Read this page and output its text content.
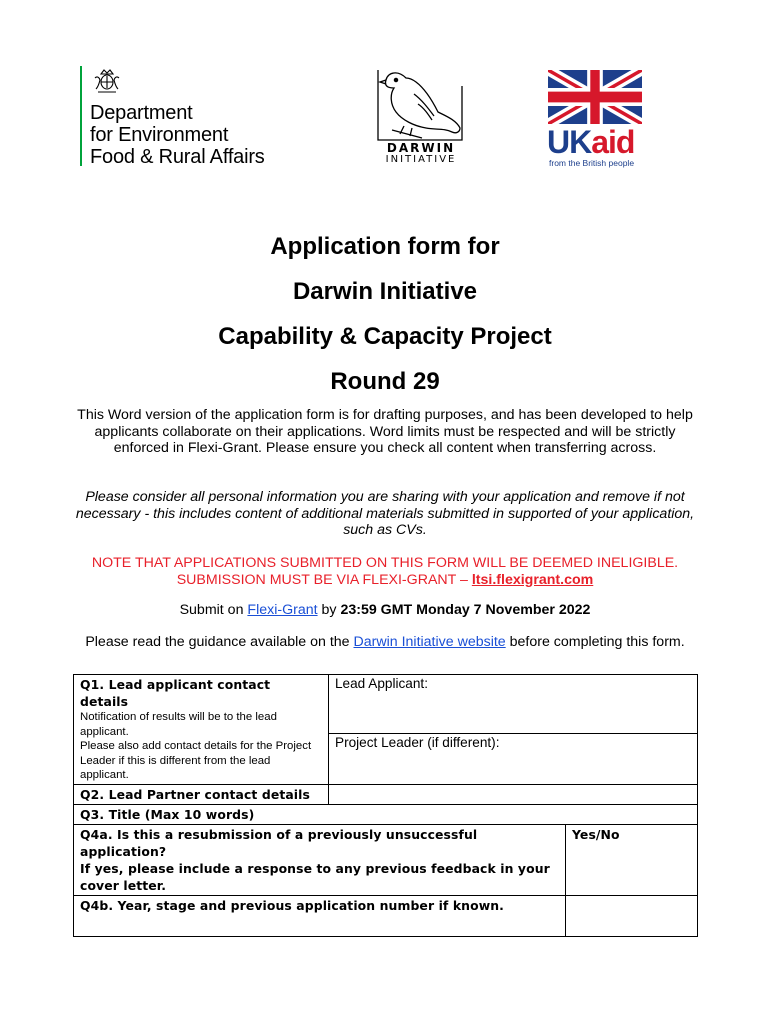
Department
for Environment
Food & Rural Affairs	DARWIN
INITIATIVE	UKaid
from the British people
Application form for
Darwin Initiative
Capability & Capacity Project
Round 29
This Word version of the application form is for drafting purposes, and has been developed to help applicants collaborate on their applications. Word limits must be respected and will be strictly enforced in Flexi-Grant. Please ensure you check all content when transferring across.
Please consider all personal information you are sharing with your application and remove if not necessary - this includes content of additional materials submitted in supported of your application, such as CVs.
NOTE THAT APPLICATIONS SUBMITTED ON THIS FORM WILL BE DEEMED INELIGIBLE. SUBMISSION MUST BE VIA FLEXI-GRANT – ltsi.flexigrant.com
Submit on Flexi-Grant by 23:59 GMT Monday 7 November 2022
Please read the guidance available on the Darwin Initiative website before completing this form.
Q1. Lead applicant contact details
Notification of results will be to the lead applicant.
Please also add contact details for the Project Leader if this is different from the lead applicant.	Lead Applicant:	

	Project Leader (if different):	

Q2. Lead Partner contact details		

Q3. Title (Max 10 words)		

Q4a. Is this a resubmission of a previously unsuccessful application?
If yes, please include a response to any previous feedback in your cover letter.		Yes/No

Q4b. Year, stage and previous application number if known.		
